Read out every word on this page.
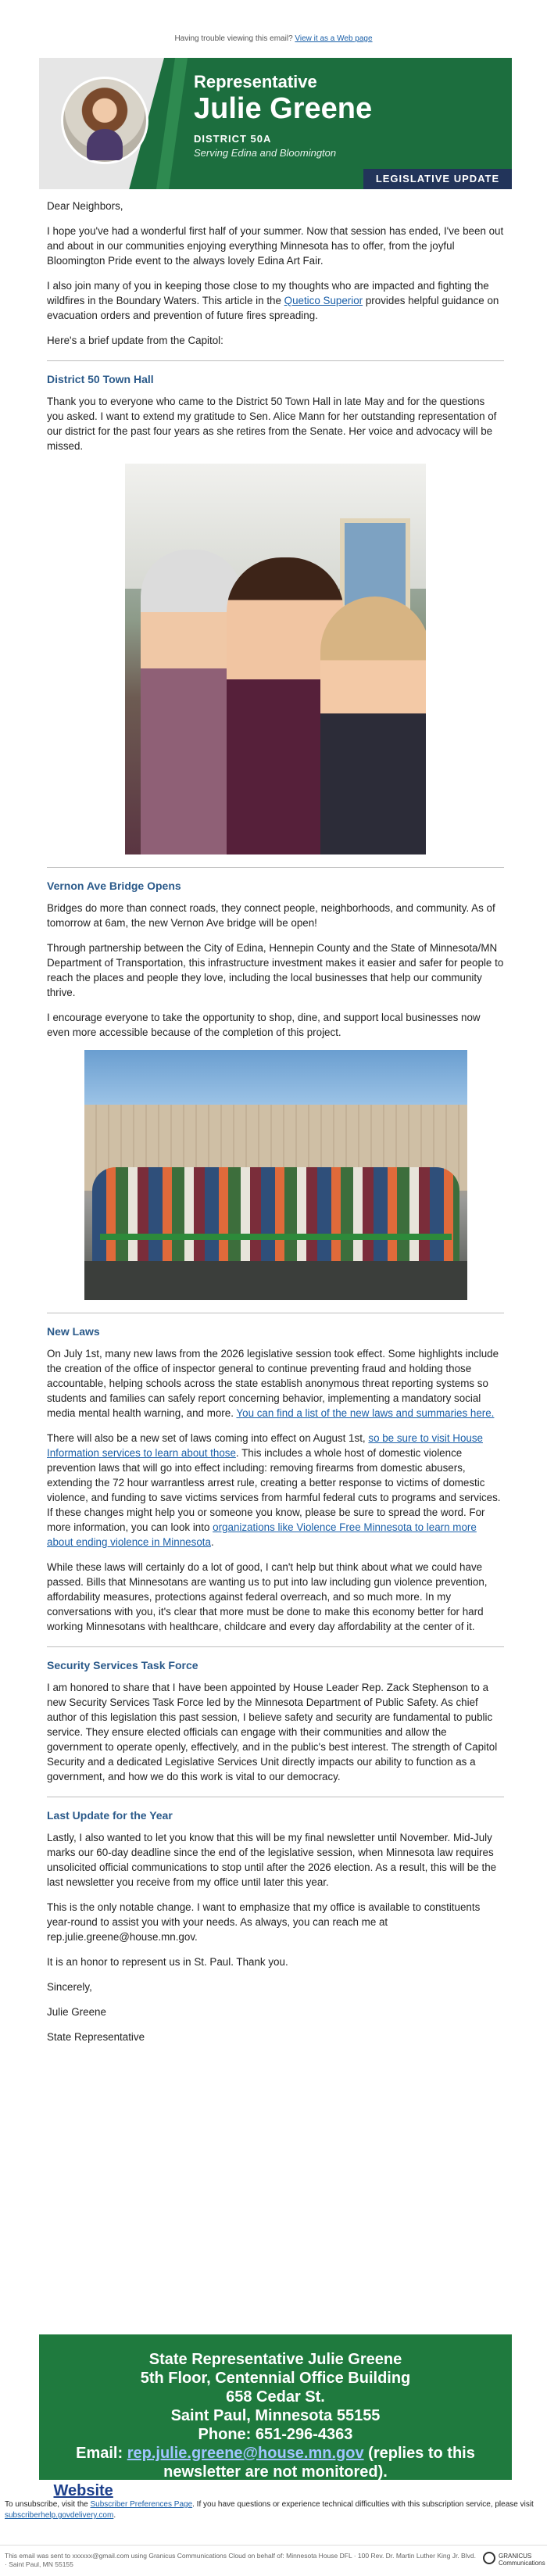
Having trouble viewing this email? View it as a Web page
Representative
Julie Greene
DISTRICT 50A
Serving Edina and Bloomington
LEGISLATIVE UPDATE

Dear Neighbors,

I hope you've had a wonderful first half of your summer. Now that session has ended, I've been out and about in our communities enjoying everything Minnesota has to offer, from the joyful Bloomington Pride event to the always lovely Edina Art Fair.

I also join many of you in keeping those close to my thoughts who are impacted and fighting the wildfires in the Boundary Waters. This article in the Quetico Superior provides helpful guidance on evacuation orders and prevention of future fires spreading.

Here's a brief update from the Capitol:

District 50 Town Hall

Thank you to everyone who came to the District 50 Town Hall in late May and for the questions you asked. I want to extend my gratitude to Sen. Alice Mann for her outstanding representation of our district for the past four years as she retires from the Senate. Her voice and advocacy will be missed.

Vernon Ave Bridge Opens

Bridges do more than connect roads, they connect people, neighborhoods, and community. As of tomorrow at 6am, the new Vernon Ave bridge will be open!

Through partnership between the City of Edina, Hennepin County and the State of Minnesota/MN Department of Transportation, this infrastructure investment makes it easier and safer for people to reach the places and people they love, including the local businesses that help our community thrive.

I encourage everyone to take the opportunity to shop, dine, and support local businesses now even more accessible because of the completion of this project.

New Laws

On July 1st, many new laws from the 2026 legislative session took effect. Some highlights include the creation of the office of inspector general to continue preventing fraud and holding those accountable, helping schools across the state establish anonymous threat reporting systems so students and families can safely report concerning behavior, implementing a mandatory social media mental health warning, and more. You can find a list of the new laws and summaries here.

There will also be a new set of laws coming into effect on August 1st, so be sure to visit House Information services to learn about those. This includes a whole host of domestic violence prevention laws that will go into effect including: removing firearms from domestic abusers, extending the 72 hour warrantless arrest rule, creating a better response to victims of domestic violence, and funding to save victims services from harmful federal cuts to programs and services. If these changes might help you or someone you know, please be sure to spread the word. For more information, you can look into organizations like Violence Free Minnesota to learn more about ending violence in Minnesota.

While these laws will certainly do a lot of good, I can't help but think about what we could have passed. Bills that Minnesotans are wanting us to put into law including gun violence prevention, affordability measures, protections against federal overreach, and so much more. In my conversations with you, it's clear that more must be done to make this economy better for hard working Minnesotans with healthcare, childcare and every day affordability at the center of it.

Security Services Task Force

I am honored to share that I have been appointed by House Leader Rep. Zack Stephenson to a new Security Services Task Force led by the Minnesota Department of Public Safety. As chief author of this legislation this past session, I believe safety and security are fundamental to public service. They ensure elected officials can engage with their communities and allow the government to operate openly, effectively, and in the public's best interest. The strength of Capitol Security and a dedicated Legislative Services Unit directly impacts our ability to function as a government, and how we do this work is vital to our democracy.

Last Update for the Year

Lastly, I also wanted to let you know that this will be my final newsletter until November. Mid-July marks our 60-day deadline since the end of the legislative session, when Minnesota law requires unsolicited official communications to stop until after the 2026 election. As a result, this will be the last newsletter you receive from my office until later this year.

This is the only notable change. I want to emphasize that my office is available to constituents year-round to assist you with your needs. As always, you can reach me at rep.julie.greene@house.mn.gov.

It is an honor to represent us in St. Paul. Thank you.

Sincerely,

Julie Greene

State Representative

State Representative Julie Greene
5th Floor, Centennial Office Building
658 Cedar St.
Saint Paul, Minnesota 55155
Phone: 651-296-4363
Email: rep.julie.greene@house.mn.gov (replies to this newsletter are not monitored).
Website Legislative Assistant: Monique Harris 651-296-5383
To unsubscribe, visit the Subscriber Preferences Page. If you have questions or experience technical difficulties with this subscription service, please visit subscriberhelp.govdelivery.com.
This email was sent to xxxxxx@gmail.com using Granicus Communications Cloud on behalf of: Minnesota House DFL · 100 Rev. Dr. Martin Luther King Jr. Blvd. · Saint Paul, MN 55155
GRANICUS
Communications
